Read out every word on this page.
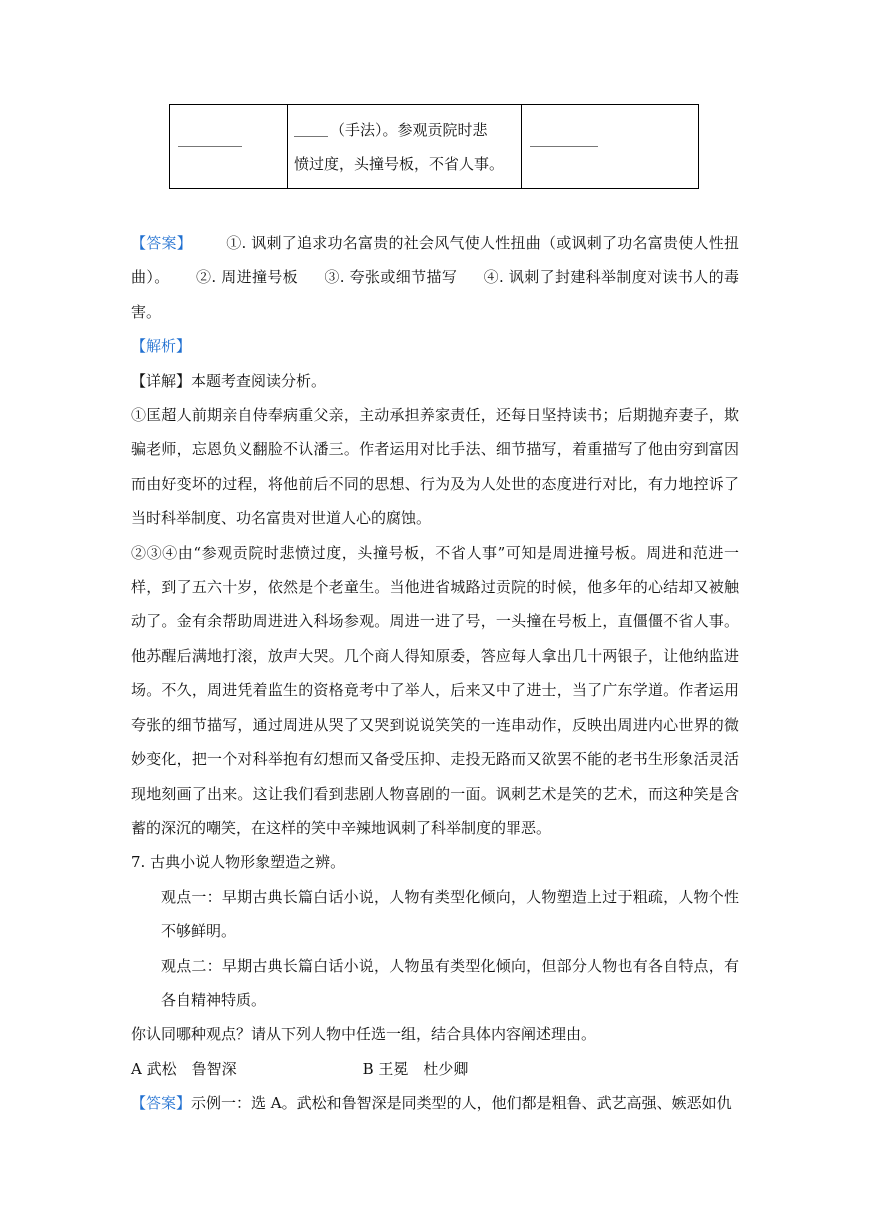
	（手法）。参观贡院时悲
愤过度，头撞号板，不省人事。	

【答案】 ①. 讽刺了追求功名富贵的社会风气使人性扭曲（或讽刺了功名富贵使人性扭曲）。 ②. 周进撞号板 ③. 夸张或细节描写 ④. 讽刺了封建科举制度对读书人的毒害。

【解析】

【详解】本题考查阅读分析。

①匡超人前期亲自侍奉病重父亲，主动承担养家责任，还每日坚持读书；后期抛弃妻子，欺骗老师，忘恩负义翻脸不认潘三。作者运用对比手法、细节描写，着重描写了他由穷到富因而由好变坏的过程，将他前后不同的思想、行为及为人处世的态度进行对比，有力地控诉了当时科举制度、功名富贵对世道人心的腐蚀。

②③④由“参观贡院时悲愤过度，头撞号板，不省人事”可知是周进撞号板。周进和范进一样，到了五六十岁，依然是个老童生。当他进省城路过贡院的时候，他多年的心结却又被触动了。金有余帮助周进进入科场参观。周进一进了号，一头撞在号板上，直僵僵不省人事。他苏醒后满地打滚，放声大哭。几个商人得知原委，答应每人拿出几十两银子，让他纳监进场。不久，周进凭着监生的资格竟考中了举人，后来又中了进士，当了广东学道。作者运用夸张的细节描写，通过周进从哭了又哭到说说笑笑的一连串动作，反映出周进内心世界的微妙变化，把一个对科举抱有幻想而又备受压抑、走投无路而又欲罢不能的老书生形象活灵活现地刻画了出来。这让我们看到悲剧人物喜剧的一面。讽刺艺术是笑的艺术，而这种笑是含蓄的深沉的嘲笑，在这样的笑中辛辣地讽刺了科举制度的罪恶。

7. 古典小说人物形象塑造之辨。

观点一：早期古典长篇白话小说，人物有类型化倾向，人物塑造上过于粗疏，人物个性不够鲜明。

观点二：早期古典长篇白话小说，人物虽有类型化倾向，但部分人物也有各自特点，有各自精神特质。

你认同哪种观点？请从下列人物中任选一组，结合具体内容阐述理由。

A 武松　鲁智深	B 王冕　杜少卿

【答案】示例一：选 A。武松和鲁智深是同类型的人，他们都是粗鲁、武艺高强、嫉恶如仇
